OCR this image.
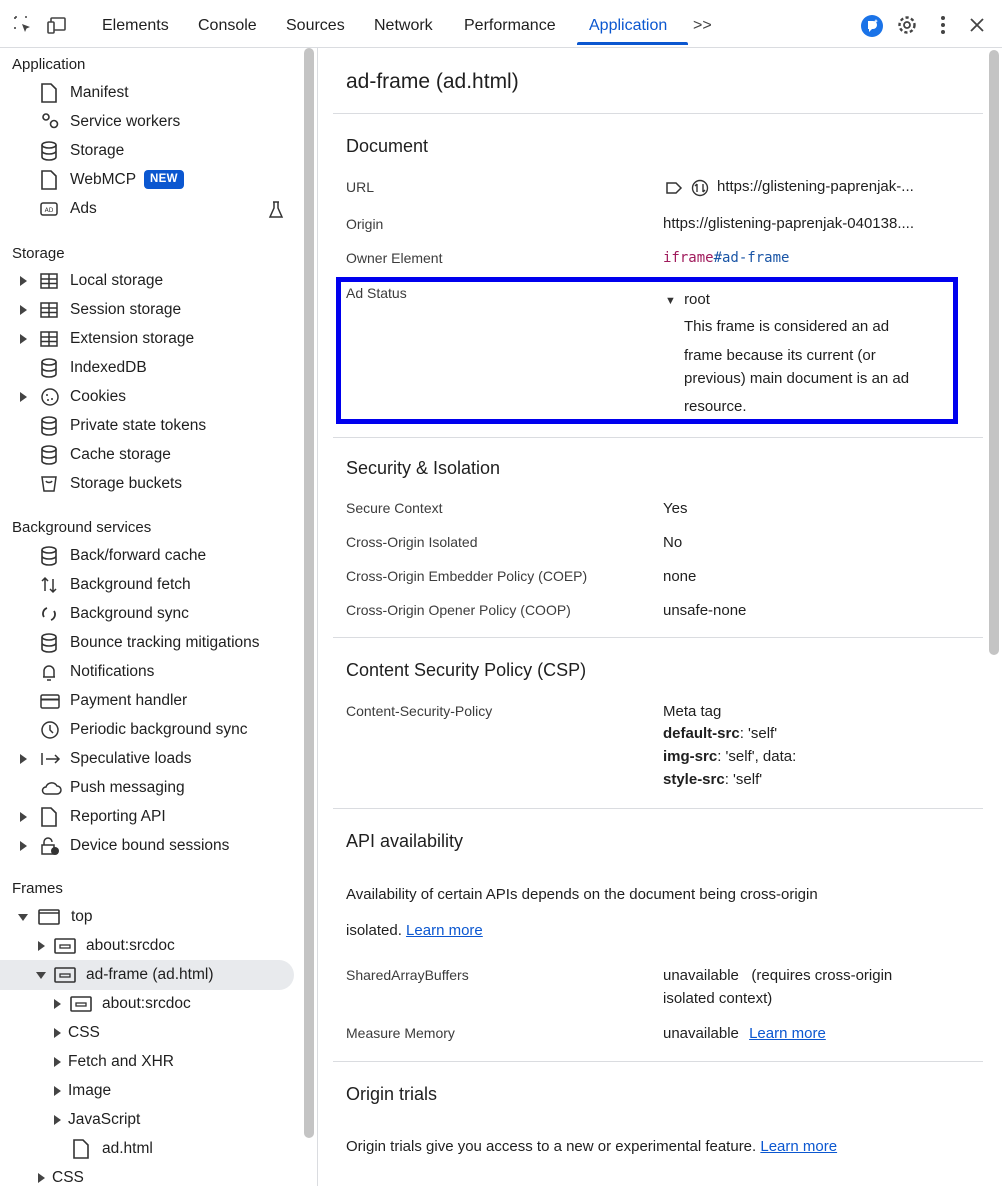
Elements Console Sources Network Performance Application >>
Application
Manifest
Service workers
Storage
WebMCP	NEW
AD Ads
Storage
Local storage
Session storage
Extension storage
IndexedDB
Cookies
Private state tokens
Cache storage
Storage buckets
Background services
Back/forward cache
Background fetch
Background sync
Bounce tracking mitigations
Notifications
Payment handler
Periodic background sync
Speculative loads
Push messaging
Reporting API
Device bound sessions
Frames
top
about:srcdoc
ad-frame (ad.html)
about:srcdoc
CSS
Fetch and XHR
Image
JavaScript
ad.html
CSS
ad-frame (ad.html)
Document
URL	https://glistening-paprenjak-...
Origin	https://glistening-paprenjak-040138....
Owner Element	iframe#ad-frame
Ad Status	▼ root
This frame is considered an ad
frame because its current (or
previous) main document is an ad
resource.
Security & Isolation
Secure Context	Yes
Cross-Origin Isolated	No
Cross-Origin Embedder Policy (COEP)	none
Cross-Origin Opener Policy (COOP)	unsafe-none
Content Security Policy (CSP)
Content-Security-Policy	Meta tag
default-src: 'self'
img-src: 'self', data:
style-src: 'self'
API availability
Availability of certain APIs depends on the document being cross-origin
isolated. Learn more
SharedArrayBuffers	unavailable   (requires cross-origin
isolated context)
Measure Memory	unavailable Learn more
Origin trials
Origin trials give you access to a new or experimental feature. Learn more
